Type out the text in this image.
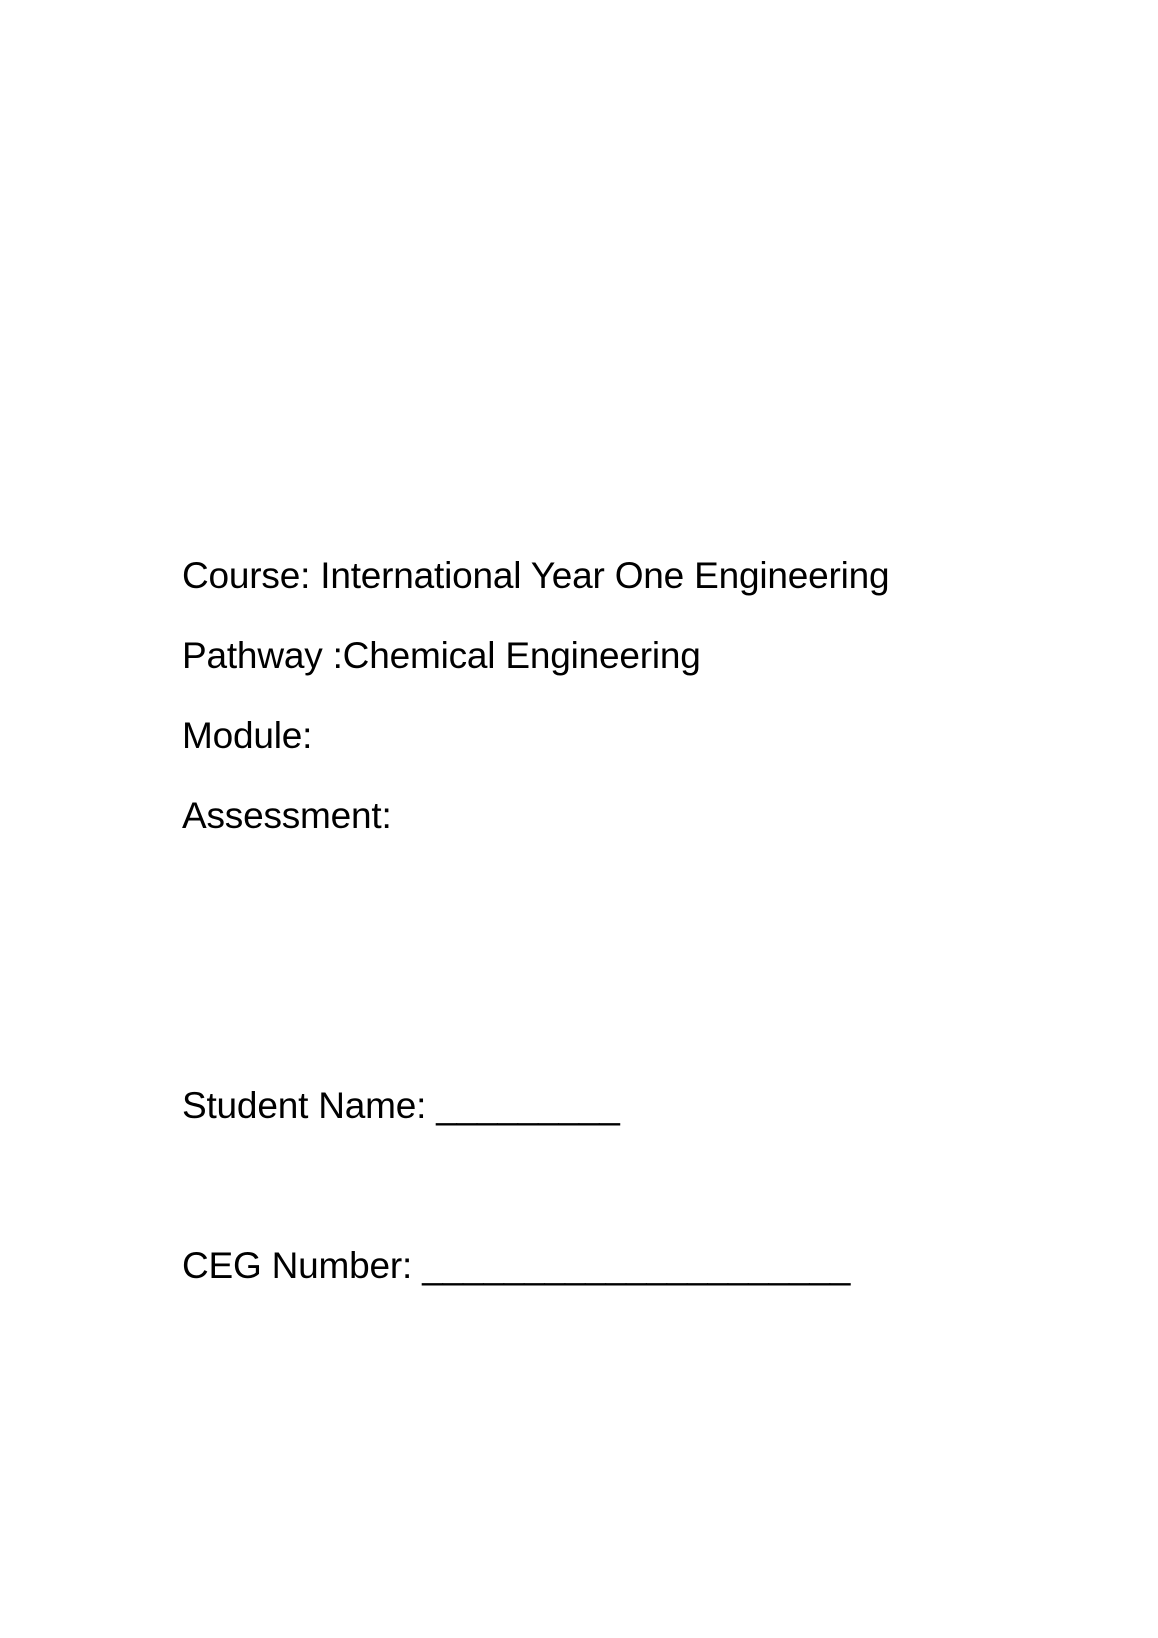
Course: International Year One Engineering
Pathway :Chemical Engineering
Module:
Assessment:
Student Name: _________
CEG Number: _____________________
